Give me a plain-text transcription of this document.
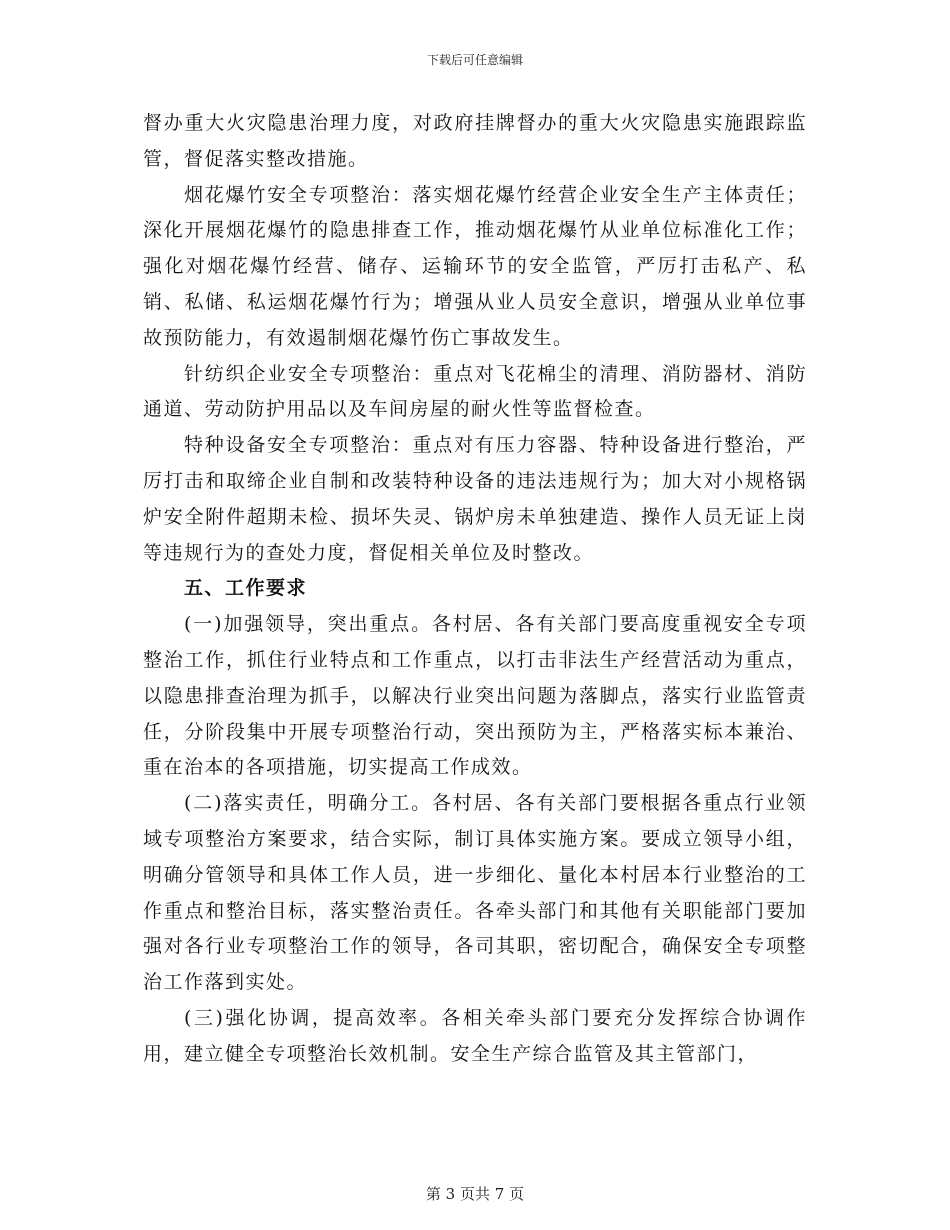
下载后可任意编辑

督办重大火灾隐患治理力度，对政府挂牌督办的重大火灾隐患实施跟踪监管，督促落实整改措施。

烟花爆竹安全专项整治：落实烟花爆竹经营企业安全生产主体责任；深化开展烟花爆竹的隐患排查工作，推动烟花爆竹从业单位标准化工作；强化对烟花爆竹经营、储存、运输环节的安全监管，严厉打击私产、私销、私储、私运烟花爆竹行为；增强从业人员安全意识，增强从业单位事故预防能力，有效遏制烟花爆竹伤亡事故发生。

针纺织企业安全专项整治：重点对飞花棉尘的清理、消防器材、消防通道、劳动防护用品以及车间房屋的耐火性等监督检查。

特种设备安全专项整治：重点对有压力容器、特种设备进行整治，严厉打击和取缔企业自制和改装特种设备的违法违规行为；加大对小规格锅炉安全附件超期未检、损坏失灵、锅炉房未单独建造、操作人员无证上岗等违规行为的查处力度，督促相关单位及时整改。

五、工作要求

(一)加强领导，突出重点。各村居、各有关部门要高度重视安全专项整治工作，抓住行业特点和工作重点，以打击非法生产经营活动为重点，以隐患排查治理为抓手，以解决行业突出问题为落脚点，落实行业监管责任，分阶段集中开展专项整治行动，突出预防为主，严格落实标本兼治、重在治本的各项措施，切实提高工作成效。

(二)落实责任，明确分工。各村居、各有关部门要根据各重点行业领域专项整治方案要求，结合实际，制订具体实施方案。要成立领导小组，明确分管领导和具体工作人员，进一步细化、量化本村居本行业整治的工作重点和整治目标，落实整治责任。各牵头部门和其他有关职能部门要加强对各行业专项整治工作的领导，各司其职，密切配合，确保安全专项整治工作落到实处。

(三)强化协调，提高效率。各相关牵头部门要充分发挥综合协调作用，建立健全专项整治长效机制。安全生产综合监管及其主管部门，

第 3 页共 7 页
